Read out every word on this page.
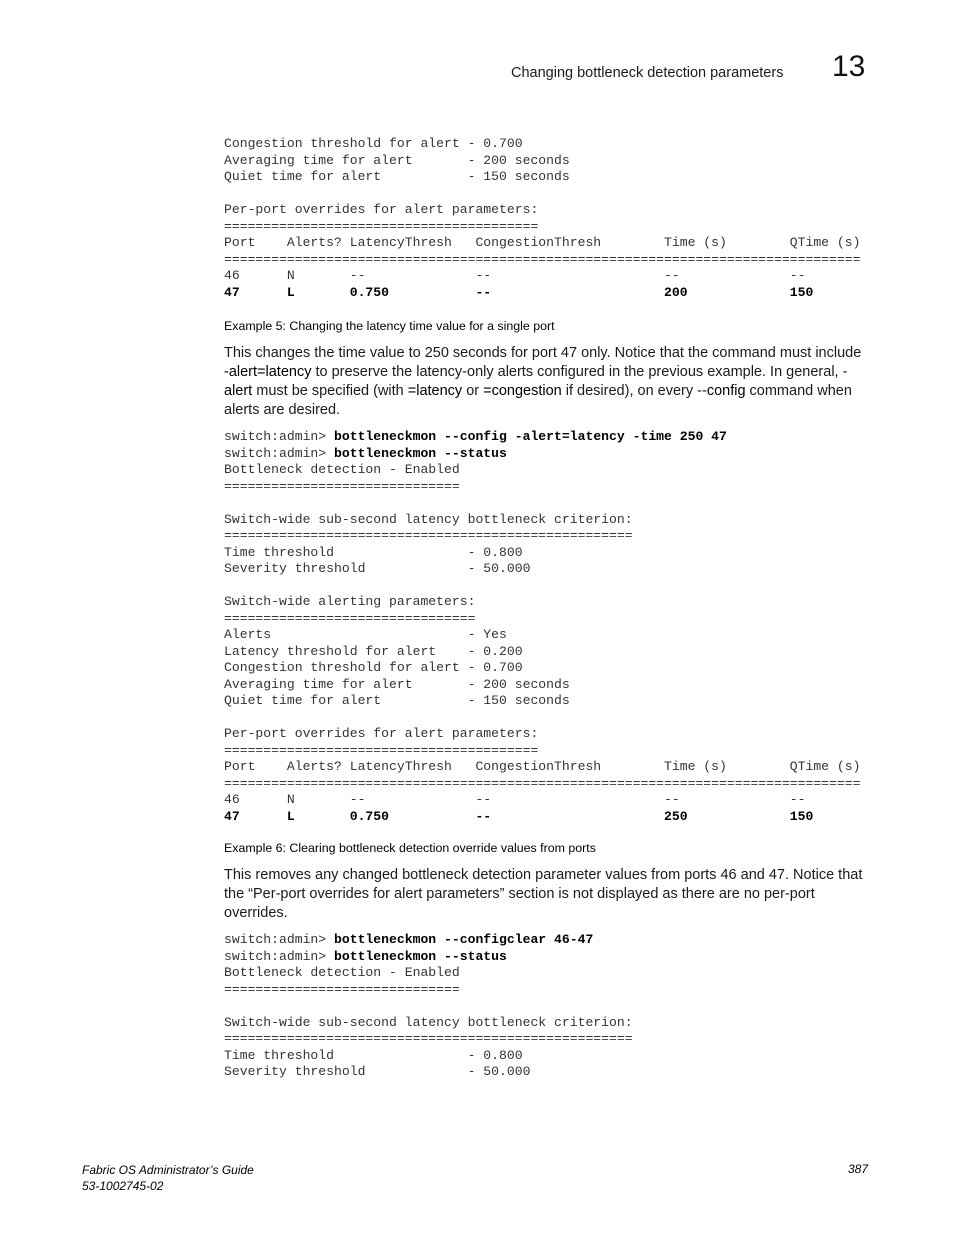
Changing bottleneck detection parameters 13
Congestion threshold for alert - 0.700
Averaging time for alert       - 200 seconds
Quiet time for alert           - 150 seconds

Per-port overrides for alert parameters:
========================================
Port    Alerts? LatencyThresh   CongestionThresh        Time (s)        QTime (s)
=================================================================================
46      N       --              --                      --              --
47      L       0.750           --                      200             150
Example 5: Changing the latency time value for a single port

This changes the time value to 250 seconds for port 47 only. Notice that the command must include -alert=latency to preserve the latency-only alerts configured in the previous example. In general, -alert must be specified (with =latency or =congestion if desired), on every --config command when alerts are desired.

switch:admin> bottleneckmon --config -alert=latency -time 250 47
switch:admin> bottleneckmon --status
Bottleneck detection - Enabled
==============================

Switch-wide sub-second latency bottleneck criterion:
====================================================
Time threshold                 - 0.800
Severity threshold             - 50.000

Switch-wide alerting parameters:
================================
Alerts                         - Yes
Latency threshold for alert    - 0.200
Congestion threshold for alert - 0.700
Averaging time for alert       - 200 seconds
Quiet time for alert           - 150 seconds

Per-port overrides for alert parameters:
========================================
Port    Alerts? LatencyThresh   CongestionThresh        Time (s)        QTime (s)
=================================================================================
46      N       --              --                      --              --
47      L       0.750           --                      250             150
Example 6: Clearing bottleneck detection override values from ports

This removes any changed bottleneck detection parameter values from ports 46 and 47. Notice that the “Per-port overrides for alert parameters” section is not displayed as there are no per-port overrides.

switch:admin> bottleneckmon --configclear 46-47
switch:admin> bottleneckmon --status
Bottleneck detection - Enabled
==============================

Switch-wide sub-second latency bottleneck criterion:
====================================================
Time threshold                 - 0.800
Severity threshold             - 50.000
Fabric OS Administrator’s Guide
53-1002745-02
387
